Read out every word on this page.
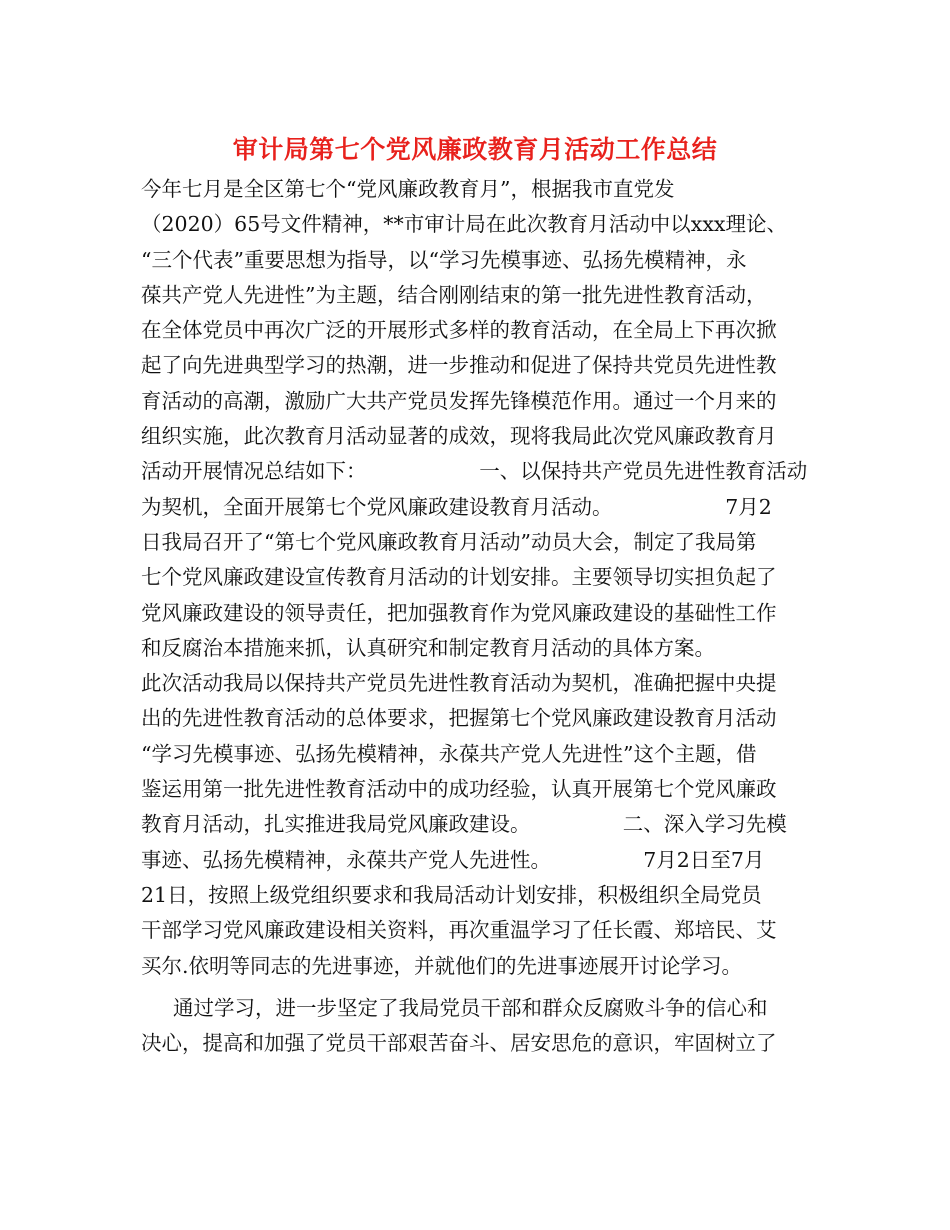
审计局第七个党风廉政教育月活动工作总结
今年七月是全区第七个“党风廉政教育月”，根据我市直党发
（2020）65号文件精神，**市审计局在此次教育月活动中以xxx理论、
“三个代表”重要思想为指导，以“学习先模事迹、弘扬先模精神，永
葆共产党人先进性”为主题，结合刚刚结束的第一批先进性教育活动，
在全体党员中再次广泛的开展形式多样的教育活动，在全局上下再次掀
起了向先进典型学习的热潮，进一步推动和促进了保持共党员先进性教
育活动的高潮，激励广大共产党员发挥先锋模范作用。通过一个月来的
组织实施，此次教育月活动显著的成效，现将我局此次党风廉政教育月
活动开展情况总结如下：　　　　　　一、以保持共产党员先进性教育活动
为契机，全面开展第七个党风廉政建设教育月活动。　　　　　　7月2
日我局召开了“第七个党风廉政教育月活动”动员大会，制定了我局第
七个党风廉政建设宣传教育月活动的计划安排。主要领导切实担负起了
党风廉政建设的领导责任，把加强教育作为党风廉政建设的基础性工作
和反腐治本措施来抓，认真研究和制定教育月活动的具体方案。
此次活动我局以保持共产党员先进性教育活动为契机，准确把握中央提
出的先进性教育活动的总体要求，把握第七个党风廉政建设教育月活动
“学习先模事迹、弘扬先模精神，永葆共产党人先进性”这个主题，借
鉴运用第一批先进性教育活动中的成功经验，认真开展第七个党风廉政
教育月活动，扎实推进我局党风廉政建设。　　　　　二、深入学习先模
事迹、弘扬先模精神，永葆共产党人先进性。　　　　　7月2日至7月
21日，按照上级党组织要求和我局活动计划安排，积极组织全局党员
干部学习党风廉政建设相关资料，再次重温学习了任长霞、郑培民、艾
买尔.依明等同志的先进事迹，并就他们的先进事迹展开讨论学习。
通过学习，进一步坚定了我局党员干部和群众反腐败斗争的信心和
决心，提高和加强了党员干部艰苦奋斗、居安思危的意识，牢固树立了
